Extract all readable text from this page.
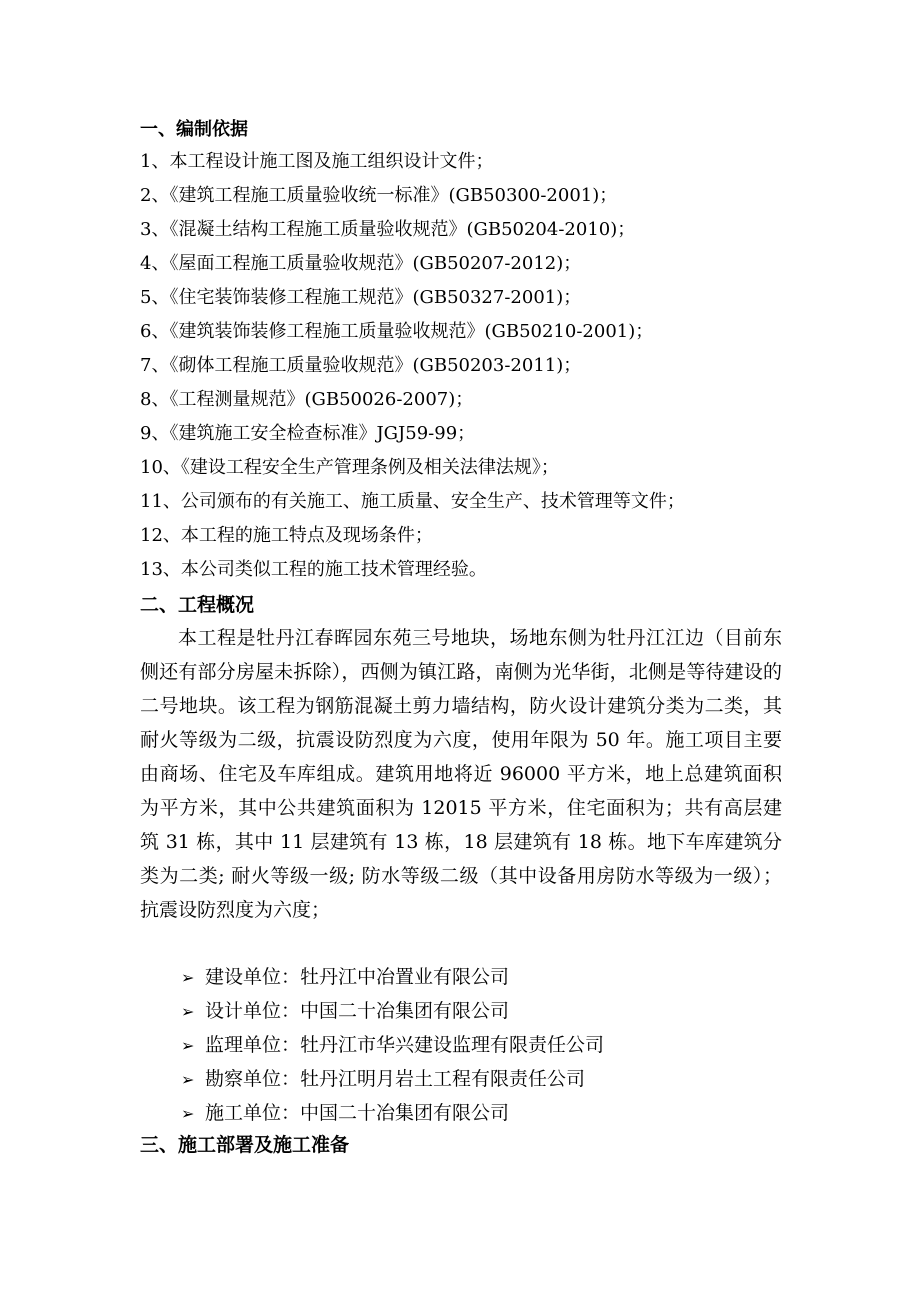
一、编制依据
1、本工程设计施工图及施工组织设计文件；
2、《建筑工程施工质量验收统一标准》(GB50300-2001)；
3、《混凝土结构工程施工质量验收规范》(GB50204-2010)；
4、《屋面工程施工质量验收规范》(GB50207-2012)；
5、《住宅装饰装修工程施工规范》(GB50327-2001)；
6、《建筑装饰装修工程施工质量验收规范》(GB50210-2001)；
7、《砌体工程施工质量验收规范》(GB50203-2011)；
8、《工程测量规范》(GB50026-2007)；
9、《建筑施工安全检查标准》JGJ59-99；
10、《建设工程安全生产管理条例及相关法律法规》；
11、公司颁布的有关施工、施工质量、安全生产、技术管理等文件；
12、本工程的施工特点及现场条件；
13、本公司类似工程的施工技术管理经验。
二、工程概况

本工程是牡丹江春晖园东苑三号地块，场地东侧为牡丹江江边（目前东侧还有部分房屋未拆除），西侧为镇江路，南侧为光华街，北侧是等待建设的二号地块。该工程为钢筋混凝土剪力墙结构，防火设计建筑分类为二类，其耐火等级为二级，抗震设防烈度为六度，使用年限为 50 年。施工项目主要由商场、住宅及车库组成。建筑用地将近 96000 平方米，地上总建筑面积为平方米，其中公共建筑面积为 12015 平方米，住宅面积为；共有高层建筑 31 栋，其中 11 层建筑有 13 栋，18 层建筑有 18 栋。地下车库建筑分类为二类; 耐火等级一级; 防水等级二级（其中设备用房防水等级为一级）；抗震设防烈度为六度；

➢ 建设单位：牡丹江中冶置业有限公司
➢ 设计单位：中国二十冶集团有限公司
➢ 监理单位：牡丹江市华兴建设监理有限责任公司
➢ 勘察单位：牡丹江明月岩土工程有限责任公司
➢ 施工单位：中国二十冶集团有限公司
三、施工部署及施工准备
